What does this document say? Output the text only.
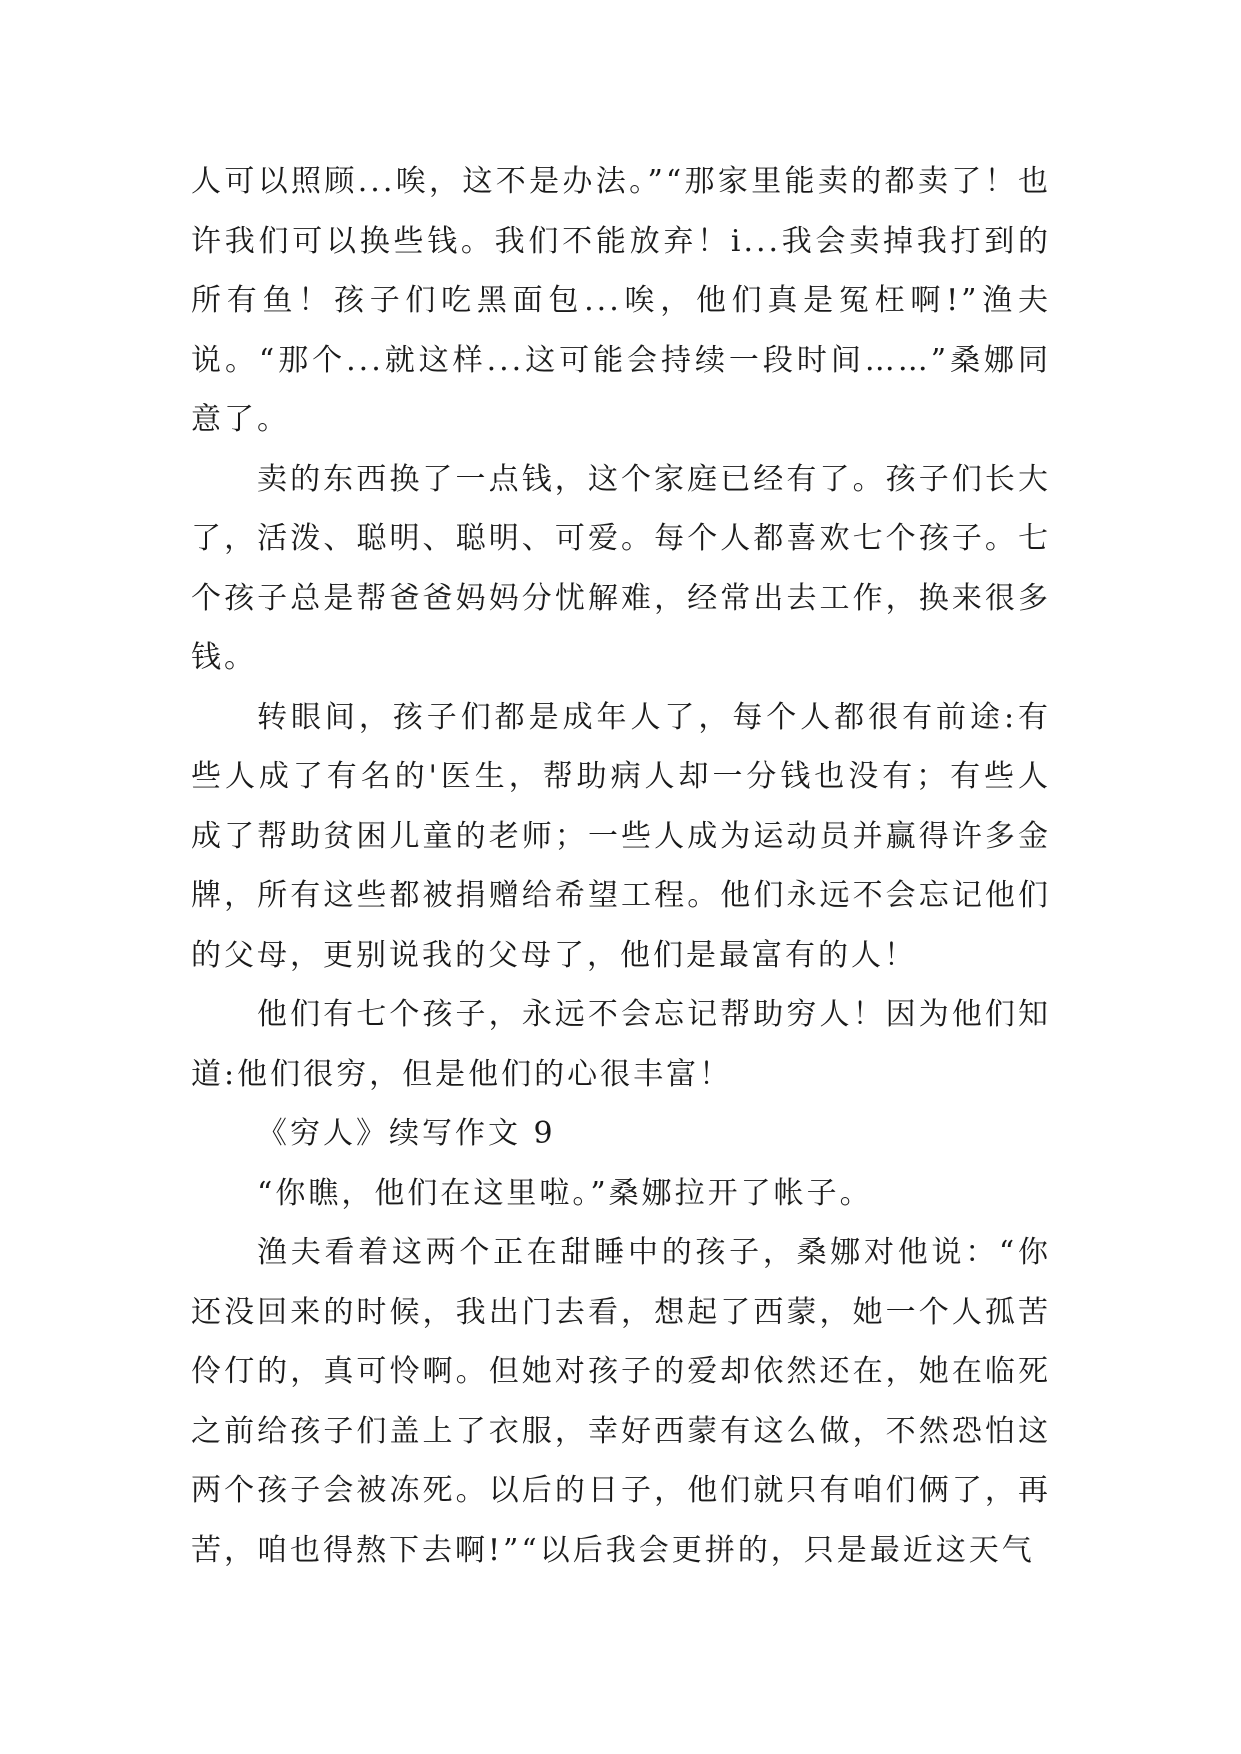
人可以照顾...唉，这不是办法。”“那家里能卖的都卖了！也许我们可以换些钱。我们不能放弃！i...我会卖掉我打到的所有鱼！孩子们吃黑面包...唉，他们真是冤枉啊!”渔夫说。“那个...就这样...这可能会持续一段时间……”桑娜同意了。

卖的东西换了一点钱，这个家庭已经有了。孩子们长大了，活泼、聪明、聪明、可爱。每个人都喜欢七个孩子。七个孩子总是帮爸爸妈妈分忧解难，经常出去工作，换来很多钱。

转眼间，孩子们都是成年人了，每个人都很有前途:有些人成了有名的'医生，帮助病人却一分钱也没有；有些人成了帮助贫困儿童的老师；一些人成为运动员并赢得许多金牌，所有这些都被捐赠给希望工程。他们永远不会忘记他们的父母，更别说我的父母了，他们是最富有的人！

他们有七个孩子，永远不会忘记帮助穷人！因为他们知道:他们很穷，但是他们的心很丰富！

《穷人》续写作文 9

“你瞧，他们在这里啦。”桑娜拉开了帐子。

渔夫看着这两个正在甜睡中的孩子，桑娜对他说：“你还没回来的时候，我出门去看，想起了西蒙，她一个人孤苦伶仃的，真可怜啊。但她对孩子的爱却依然还在，她在临死之前给孩子们盖上了衣服，幸好西蒙有这么做，不然恐怕这两个孩子会被冻死。以后的日子，他们就只有咱们俩了，再苦，咱也得熬下去啊!”“以后我会更拼的，只是最近这天气
